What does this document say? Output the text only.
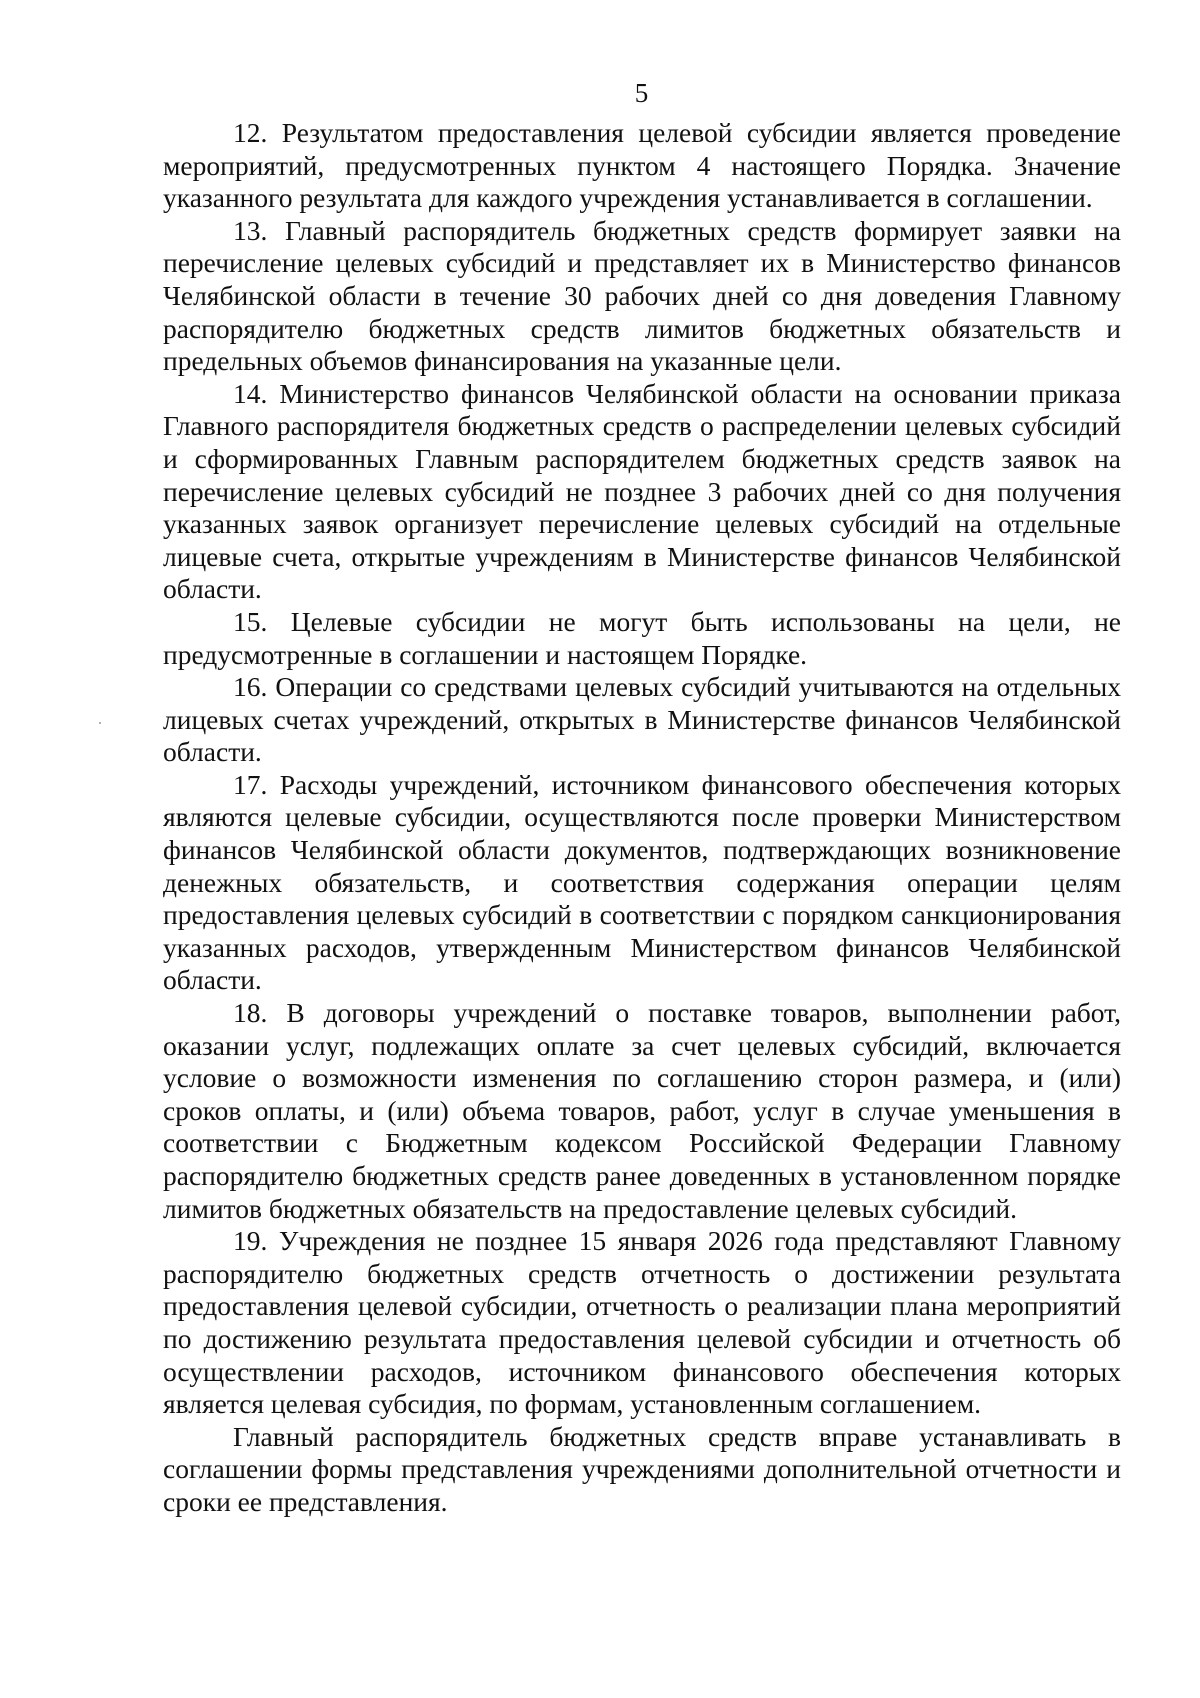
5

12. Результатом предоставления целевой субсидии является проведение мероприятий, предусмотренных пунктом 4 настоящего Порядка. Значение указанного результата для каждого учреждения устанавливается в соглашении.

13. Главный распорядитель бюджетных средств формирует заявки на перечисление целевых субсидий и представляет их в Министерство финансов Челябинской области в течение 30 рабочих дней со дня доведения Главному распорядителю бюджетных средств лимитов бюджетных обязательств и предельных объемов финансирования на указанные цели.

14. Министерство финансов Челябинской области на основании приказа Главного распорядителя бюджетных средств о распределении целевых субсидий и сформированных Главным распорядителем бюджетных средств заявок на перечисление целевых субсидий не позднее 3 рабочих дней со дня получения указанных заявок организует перечисление целевых субсидий на отдельные лицевые счета, открытые учреждениям в Министерстве финансов Челябинской области.

15. Целевые субсидии не могут быть использованы на цели, не предусмотренные в соглашении и настоящем Порядке.

16. Операции со средствами целевых субсидий учитываются на отдельных лицевых счетах учреждений, открытых в Министерстве финансов Челябинской области.

17. Расходы учреждений, источником финансового обеспечения которых являются целевые субсидии, осуществляются после проверки Министерством финансов Челябинской области документов, подтверждающих возникновение денежных обязательств, и соответствия содержания операции целям предоставления целевых субсидий в соответствии с порядком санкционирования указанных расходов, утвержденным Министерством финансов Челябинской области.

18. В договоры учреждений о поставке товаров, выполнении работ, оказании услуг, подлежащих оплате за счет целевых субсидий, включается условие о возможности изменения по соглашению сторон размера, и (или) сроков оплаты, и (или) объема товаров, работ, услуг в случае уменьшения в соответствии с Бюджетным кодексом Российской Федерации Главному распорядителю бюджетных средств ранее доведенных в установленном порядке лимитов бюджетных обязательств на предоставление целевых субсидий.

19. Учреждения не позднее 15 января 2026 года представляют Главному распорядителю бюджетных средств отчетность о достижении результата предоставления целевой субсидии, отчетность о реализации плана мероприятий по достижению результата предоставления целевой субсидии и отчетность об осуществлении расходов, источником финансового обеспечения которых является целевая субсидия, по формам, установленным соглашением.

Главный распорядитель бюджетных средств вправе устанавливать в соглашении формы представления учреждениями дополнительной отчетности и сроки ее представления.
